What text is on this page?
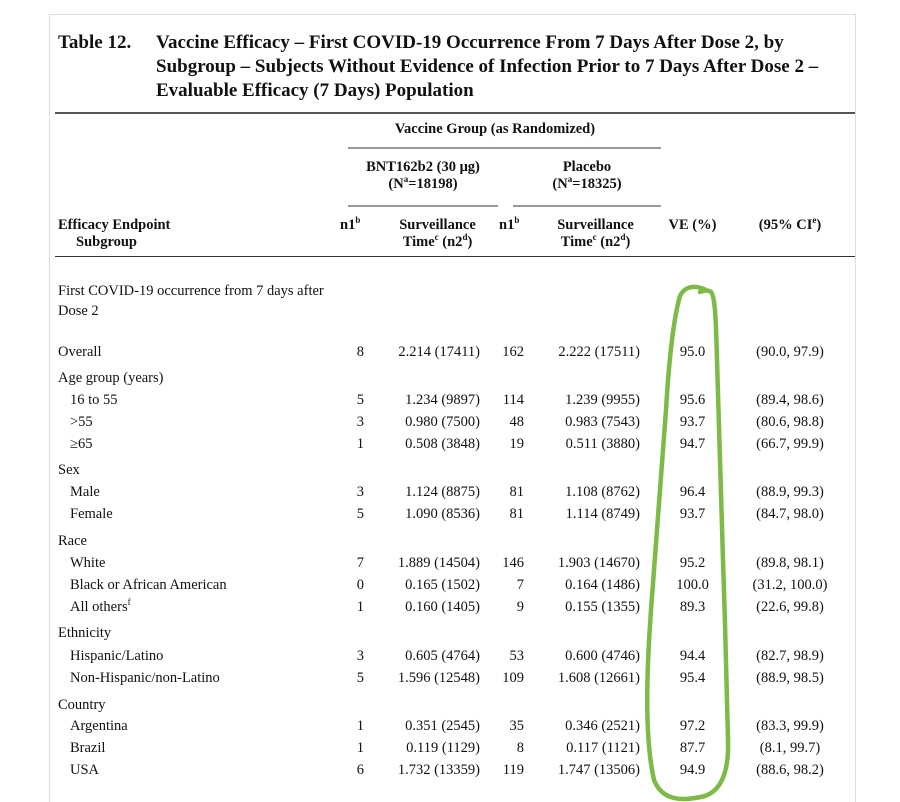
Table 12. Vaccine Efficacy – First COVID-19 Occurrence From 7 Days After Dose 2, by Subgroup – Subjects Without Evidence of Infection Prior to 7 Days After Dose 2 – Evaluable Efficacy (7 Days) Population
Vaccine Group (as Randomized)
BNT162b2 (30 μg)
$(N^a=18198)$
Placebo
$(N^a=18325)$
Efficacy Endpoint
Subgroup
n1$^b$	Surveillance
Time$^c$ (n2$^d$)
n1$^b$	Surveillance
Time$^c$ (n2$^d$)
VE (%)	(95% CIe)
First COVID-19 occurrence from 7 days after
Dose 2
Overall	8	2.214 (17411)	162	2.222 (17511)	95.0	(90.0, 97.9)
Age group (years)
16 to 55	5	1.234 (9897)	114	1.239 (9955)	95.6	(89.4, 98.6)
>55	3	0.980 (7500)	48	0.983 (7543)	93.7	(80.6, 98.8)
≥65	1	0.508 (3848)	19	0.511 (3880)	94.7	(66.7, 99.9)
Sex
Male	3	1.124 (8875)	81	1.108 (8762)	96.4	(88.9, 99.3)
Female	5	1.090 (8536)	81	1.114 (8749)	93.7	(84.7, 98.0)
Race
White	7	1.889 (14504)	146	1.903 (14670)	95.2	(89.8, 98.1)
Black or African American	0	0.165 (1502)	7	0.164 (1486)	100.0	(31.2, 100.0)
All others$^f$	1	0.160 (1405)	9	0.155 (1355)	89.3	(22.6, 99.8)
Ethnicity
Hispanic/Latino	3	0.605 (4764)	53	0.600 (4746)	94.4	(82.7, 98.9)
Non-Hispanic/non-Latino	5	1.596 (12548)	109	1.608 (12661)	95.4	(88.9, 98.5)
Country
Argentina	1	0.351 (2545)	35	0.346 (2521)	97.2	(83.3, 99.9)
Brazil	1	0.119 (1129)	8	0.117 (1121)	87.7	(8.1, 99.7)
USA	6	1.732 (13359)	119	1.747 (13506)	94.9	(88.6, 98.2)
